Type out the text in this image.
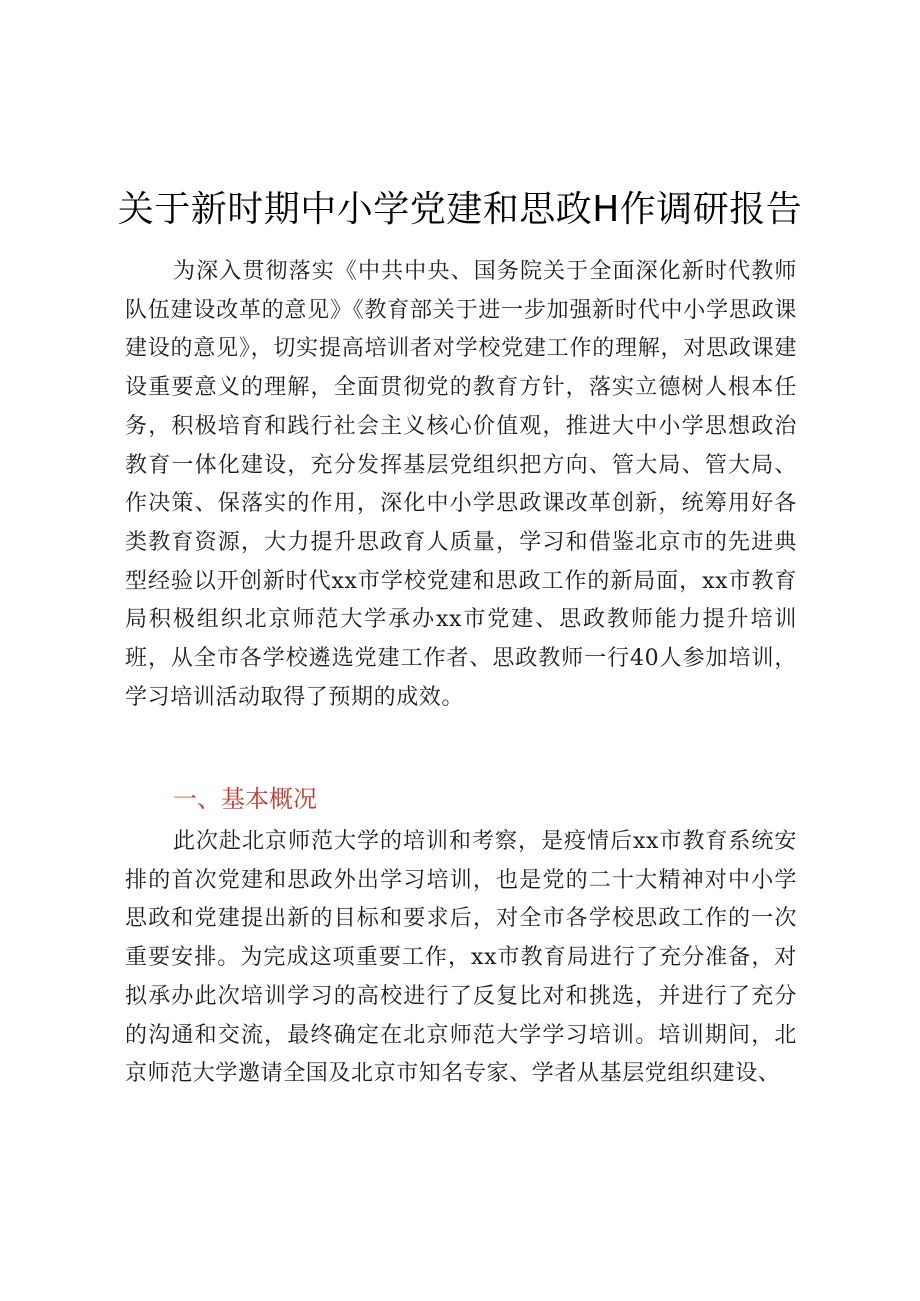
关于新时期中小学党建和思政H作调研报告

为深入贯彻落实《中共中央、国务院关于全面深化新时代教师队伍建设改革的意见》《教育部关于进一步加强新时代中小学思政课建设的意见》，切实提高培训者对学校党建工作的理解，对思政课建设重要意义的理解，全面贯彻党的教育方针，落实立德树人根本任务，积极培育和践行社会主义核心价值观，推进大中小学思想政治教育一体化建设，充分发挥基层党组织把方向、管大局、管大局、作决策、保落实的作用，深化中小学思政课改革创新，统筹用好各类教育资源，大力提升思政育人质量，学习和借鉴北京市的先进典型经验以开创新时代xx市学校党建和思政工作的新局面，xx市教育局积极组织北京师范大学承办xx市党建、思政教师能力提升培训班，从全市各学校遴选党建工作者、思政教师一行40人参加培训，学习培训活动取得了预期的成效。

一、基本概况

此次赴北京师范大学的培训和考察，是疫情后xx市教育系统安排的首次党建和思政外出学习培训，也是党的二十大精神对中小学思政和党建提出新的目标和要求后，对全市各学校思政工作的一次重要安排。为完成这项重要工作，xx市教育局进行了充分准备，对拟承办此次培训学习的高校进行了反复比对和挑选，并进行了充分的沟通和交流，最终确定在北京师范大学学习培训。培训期间，北京师范大学邀请全国及北京市知名专家、学者从基层党组织建设、
